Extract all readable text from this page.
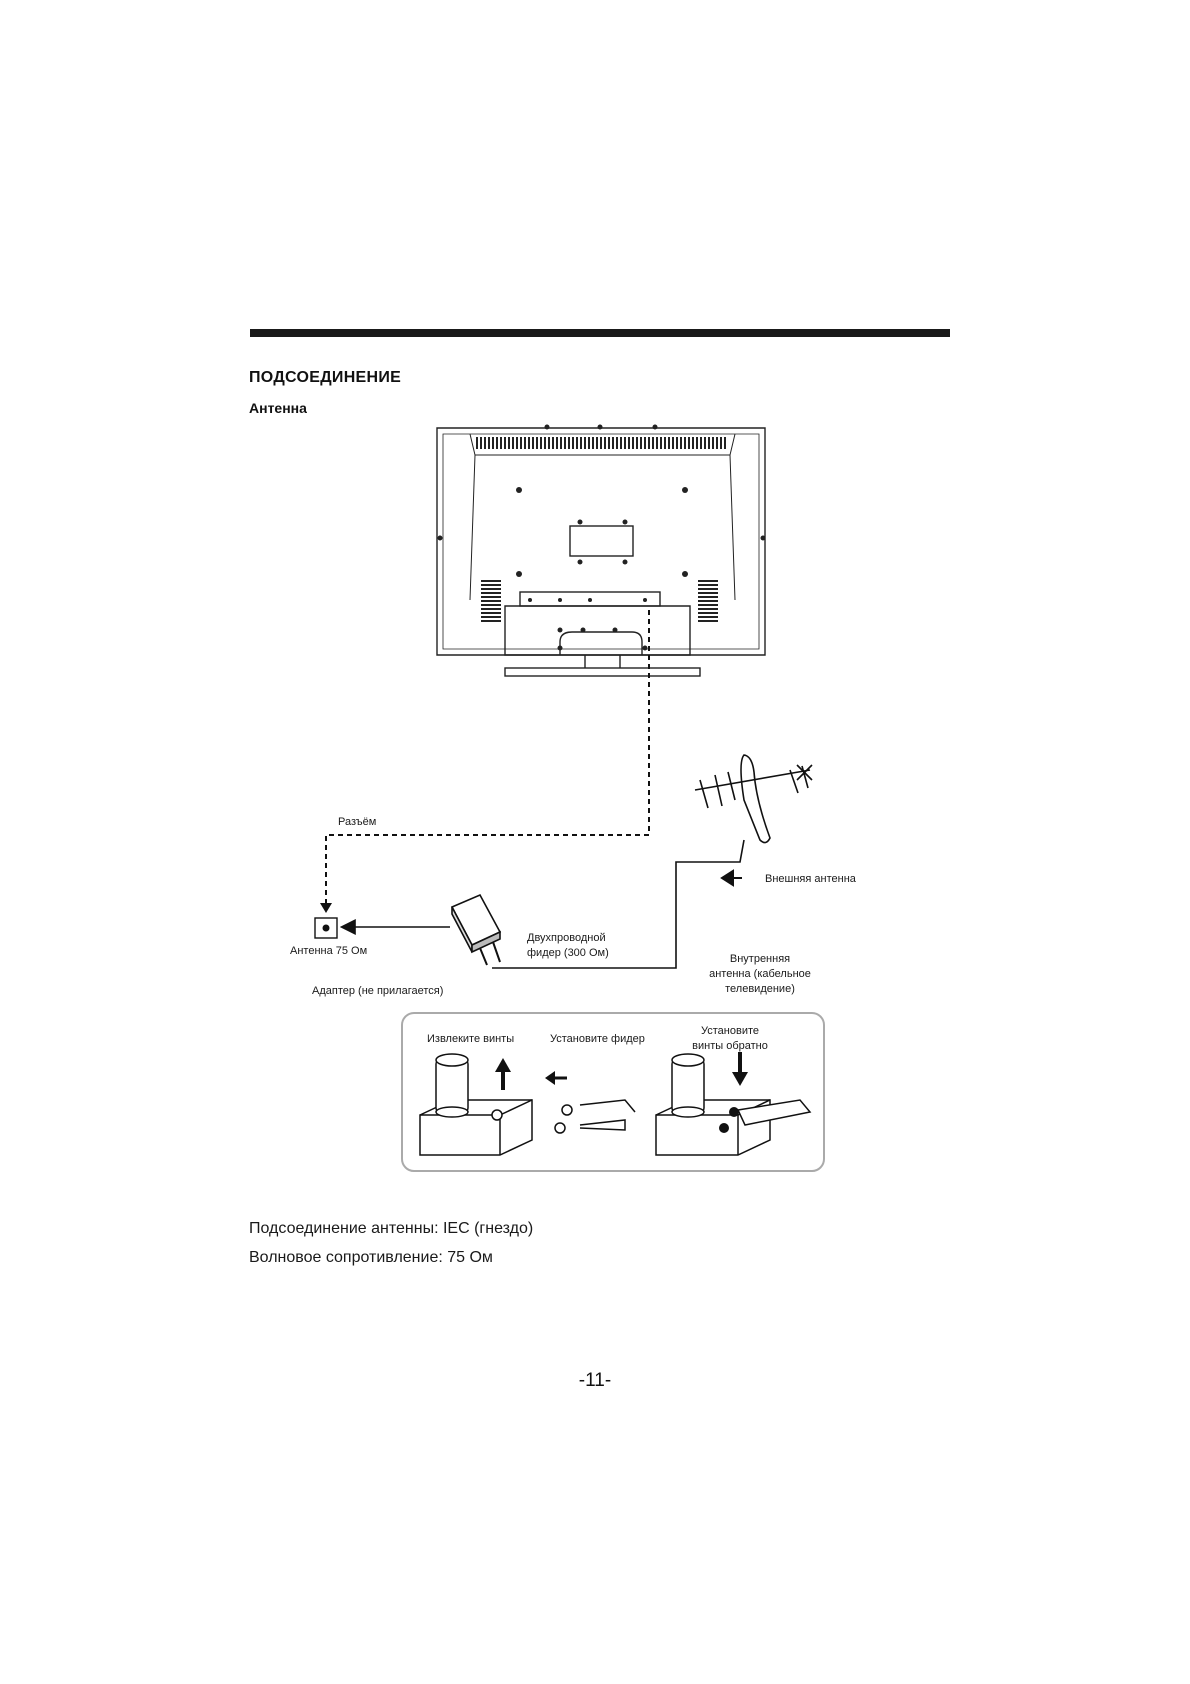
ПОДСОЕДИНЕНИЕ
Антенна
Разъём
Антенна 75 Ом
Адаптер (не прилагается)
Двухпроводной
фидер (300 Ом)
Внешняя антенна
Внутренняя
антенна (кабельное
телевидение)
Извлеките винты	Установите фидер
Установите
винты обратно

Подсоединение антенны: IEC (гнездо)

Волновое сопротивление: 75 Ом

-11-
